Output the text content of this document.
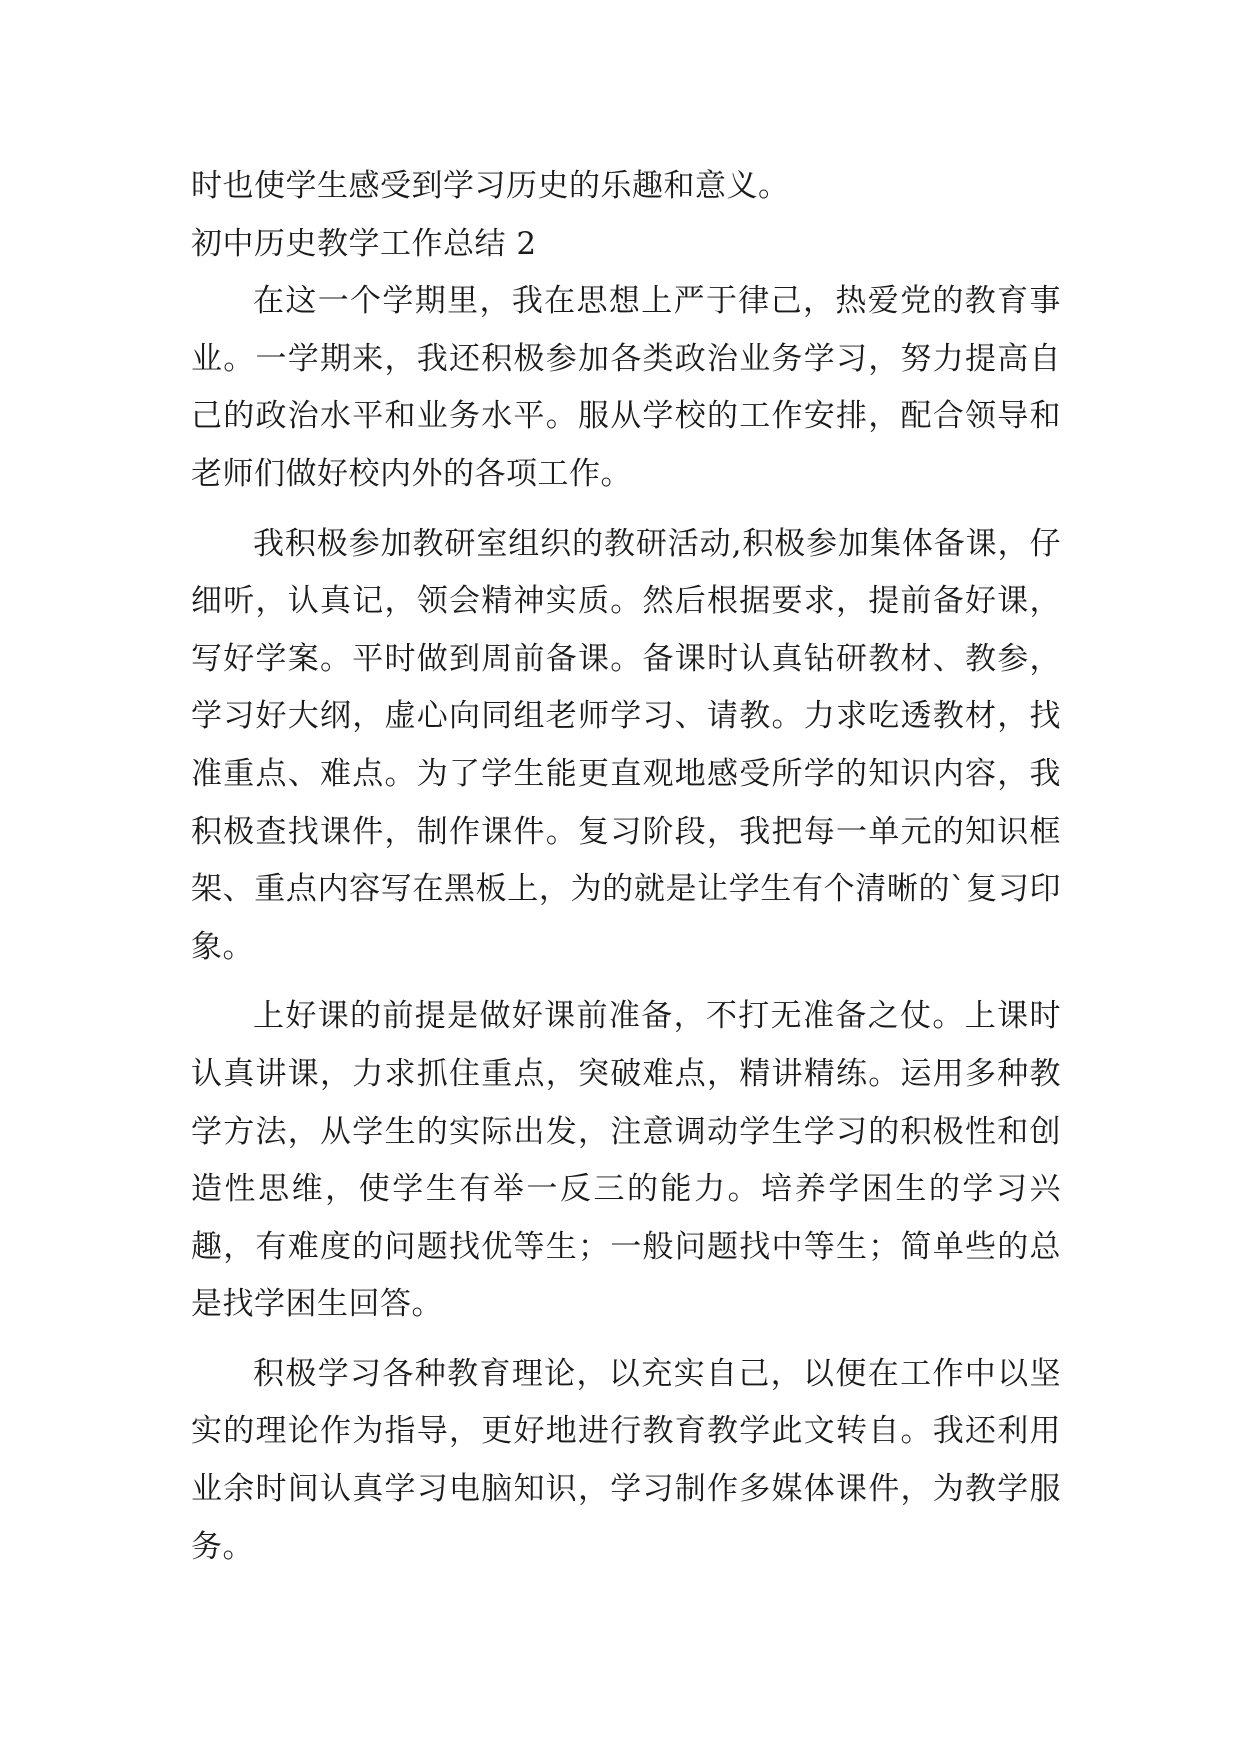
时也使学生感受到学习历史的乐趣和意义。

初中历史教学工作总结 2

在这一个学期里，我在思想上严于律己，热爱党的教育事业。一学期来，我还积极参加各类政治业务学习，努力提高自己的政治水平和业务水平。服从学校的工作安排，配合领导和老师们做好校内外的各项工作。

我积极参加教研室组织的教研活动,积极参加集体备课，仔细听，认真记，领会精神实质。然后根据要求，提前备好课，写好学案。平时做到周前备课。备课时认真钻研教材、教参，学习好大纲，虚心向同组老师学习、请教。力求吃透教材，找准重点、难点。为了学生能更直观地感受所学的知识内容，我积极查找课件，制作课件。复习阶段，我把每一单元的知识框架、重点内容写在黑板上，为的就是让学生有个清晰的`复习印象。

上好课的前提是做好课前准备，不打无准备之仗。上课时认真讲课，力求抓住重点，突破难点，精讲精练。运用多种教学方法，从学生的实际出发，注意调动学生学习的积极性和创造性思维，使学生有举一反三的能力。培养学困生的学习兴趣，有难度的问题找优等生；一般问题找中等生；简单些的总是找学困生回答。

积极学习各种教育理论，以充实自己，以便在工作中以坚实的理论作为指导，更好地进行教育教学此文转自。我还利用业余时间认真学习电脑知识，学习制作多媒体课件，为教学服务。
